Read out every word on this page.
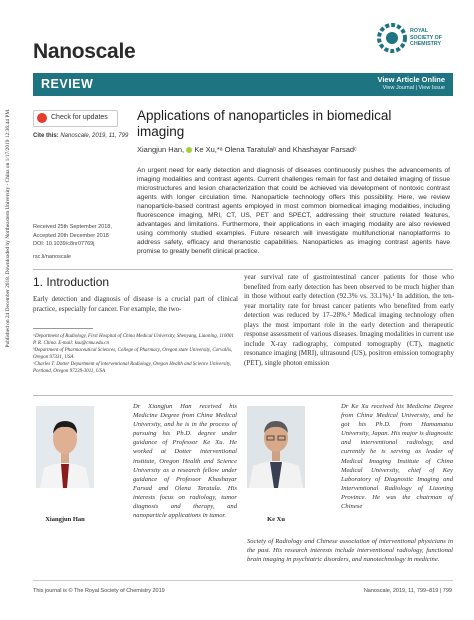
Published on 24 December 2018. Downloaded by Northeastern University - China on 1/17/2019 12:36:44 PM.
Nanoscale
ROYAL SOCIETY OF CHEMISTRY
REVIEW	View Article Online
View Journal | View Issue
Check for updates
Cite this: Nanoscale, 2019, 11, 799
Applications of nanoparticles in biomedical imaging
Xiangjun Han, Ke Xu,*ᵃ Olena Taratulaᵇ and Khashayar Farsadᶜ
An urgent need for early detection and diagnosis of diseases continuously pushes the advancements of imaging modalities and contrast agents. Current challenges remain for fast and detailed imaging of tissue microstructures and lesion characterization that could be achieved via development of nontoxic contrast agents with longer circulation time. Nanoparticle technology offers this possibility. Here, we review nanoparticle-based contrast agents employed in most common biomedical imaging modalities, including fluorescence imaging, MRI, CT, US, PET and SPECT, addressing their structure related features, advantages and limitations. Furthermore, their applications in each imaging modality are also reviewed using commonly studied examples. Future research will investigate multifunctional nanoplatforms to address safety, efficacy and theranostic capabilities. Nanoparticles as imaging contrast agents have promise to greatly benefit clinical practice.
Received 25th September 2018,
Accepted 20th December 2018
DOI: 10.1039/c8nr07769j
rsc.li/nanoscale
1. Introduction
Early detection and diagnosis of disease is a crucial part of clinical practice, especially for cancer. For example, the two-
year survival rate of gastrointestinal cancer patients for those who benefited from early detection has been observed to be much higher than in those without early detection (92.3% vs. 33.1%).¹ In addition, the ten-year mortality rate for breast cancer patients who benefited from early detection was reduced by 17–28%.² Medical imaging technology often plays the most important role in the early detection and therapeutic response assessment of various diseases. Imaging modalities in current use include X-ray radiography, computed tomography (CT), magnetic resonance imaging (MRI), ultrasound (US), positron emission tomography (PET), single photon emission
ᵃDepartment of Radiology, First Hospital of China Medical University, Shenyang, Liaoning, 110001 P. R. China. E-mail: kxu@cmu.edu.cn
ᵇDepartment of Pharmaceutical Sciences, College of Pharmacy, Oregon state University, Corvallis, Oregon 97331, USA
ᶜCharles T. Dotter Department of interventional Radiology, Oregon Health and Science University, Portland, Oregon 97239-3011, USA
Xiangjun Han
Dr Xiangjun Han received his Medicine Degree from China Medical University, and he is in the process of pursuing his Ph.D. degree under guidance of Professor Ke Xu. He worked at Dotter interventional institute, Oregon Health and Science University as a research fellow under guidance of Professor Khashayar Farsad and Olena Taratula. His interests focus on radiology, tumor diagnosis and therapy, and nanoparticle applications in tumor.
Ke Xu
Dr Ke Xu received his Medicine Degree from China Medical University, and he got his Ph.D. from Hamamatsu University, Japan. His major is diagnostic and interventional radiology, and currently he is serving as leader of Medical Imaging Institute of China Medical University, chief of Key Laboratory of Diagnostic Imaging and Interventional Radiology of Liaoning Province. He was the chairman of Chinese
Society of Radiology and Chinese association of interventional physicians in the past. His research interests include interventional radiology, functional brain imaging in psychiatric disorders, and nanotechnology in medicine.
This journal is © The Royal Society of Chemistry 2019	Nanoscale, 2019, 11, 799–819 | 799
